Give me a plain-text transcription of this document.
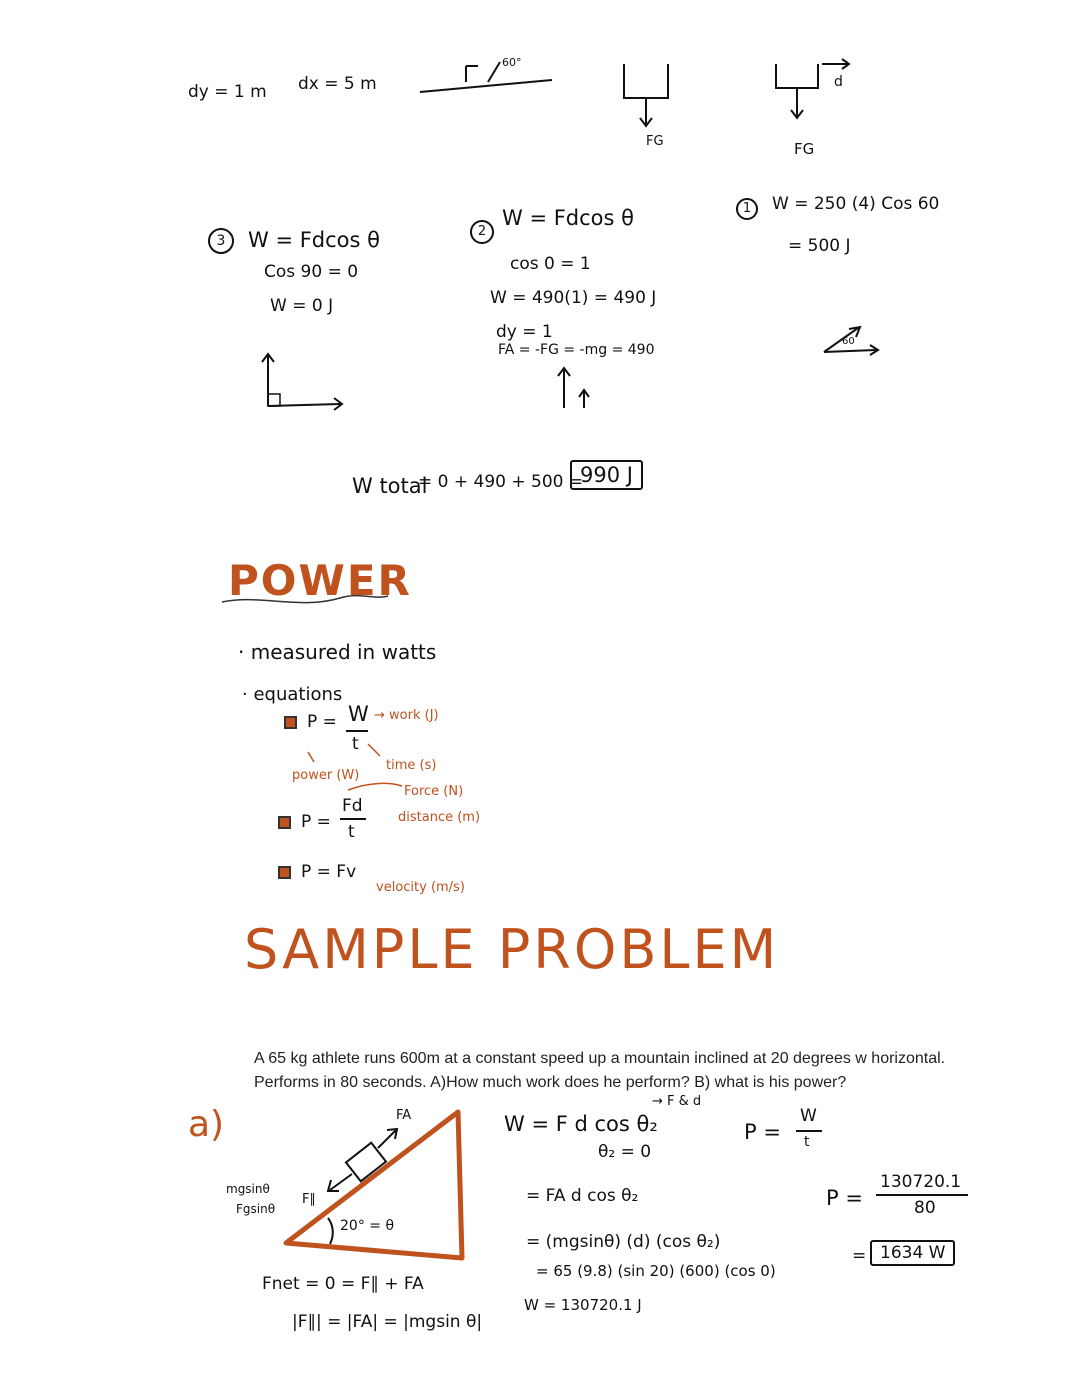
dy = 1 m dx = 5 m
FG	FG
d
60°
1	W = 250 (4) Cos 60
= 500 J
60
2
W = Fdcos θ
cos 0 = 1
W = 490(1) = 490 J
dy = 1
FA = -FG = -mg = 490
3	W = Fdcos θ
Cos 90 = 0
W = 0 J
W total
= 0 + 490 + 500 =
990 J
POWER
· measured in watts
· equations
P = W
t
→ work (J)
power (W)
time (s)
P =
Fd
t
Force (N)
distance (m)
P = Fv
velocity (m/s)
SAMPLE PROBLEM
A 65 kg athlete runs 600m at a constant speed up a mountain inclined at 20 degrees w horizontal.
Performs in 80 seconds. A)How much work does he perform? B) what is his power?
a)	FA
F∥
mgsinθ
Fgsinθ
20° = θ
Fnet = 0 = F∥ + FA
|F∥| = |FA| = |mgsin θ|
→ F & d
W = F d cos θ₂
θ₂ = 0
= FA d cos θ₂
= (mgsinθ) (d) (cos θ₂)
= 65 (9.8) (sin 20) (600) (cos 0)
W = 130720.1 J
P =
W
t
P =
130720.1
80
= 1634 W
